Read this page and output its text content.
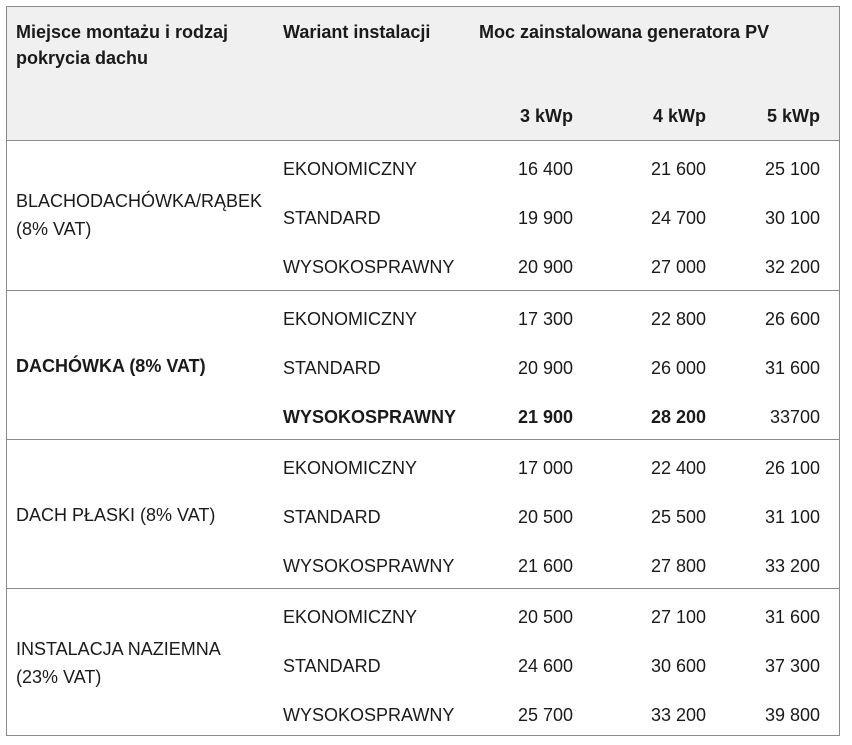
Miejsce montażu i rodzaj pokrycia dachu
Wariant instalacji	Moc zainstalowana generatora PV
3 kWp	4 kWp	5 kWp
BLACHODACHÓWKA/RĄBEK (8% VAT)
EKONOMICZNY	16 400	21 600	25 100
STANDARD	19 900	24 700	30 100
WYSOKOSPRAWNY	20 900	27 000	32 200
DACHÓWKA (8% VAT)
EKONOMICZNY	17 300	22 800	26 600
STANDARD	20 900	26 000	31 600
WYSOKOSPRAWNY	21 900	28 200	33700
DACH PŁASKI (8% VAT)
EKONOMICZNY	17 000	22 400	26 100
STANDARD	20 500	25 500	31 100
WYSOKOSPRAWNY	21 600	27 800	33 200
INSTALACJA NAZIEMNA (23% VAT)
EKONOMICZNY	20 500	27 100	31 600
STANDARD	24 600	30 600	37 300
WYSOKOSPRAWNY	25 700	33 200	39 800
